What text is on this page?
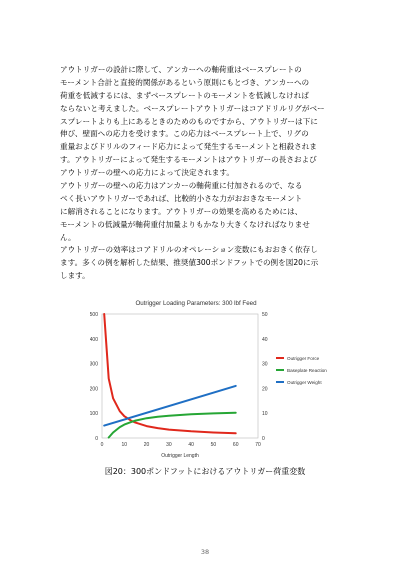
アウトリガーの設計に際して、アンカーへの軸荷重はベースプレートの
モーメント合計と直接的関係があるという原則にもとづき、アンカーへの
荷重を低減するには、まずベースプレートのモーメントを低減しなければ
ならないと考えました。ベースプレートアウトリガーはコアドリルリグがベー
スプレートよりも上にあるときのためのものですから、アウトリガーは下に
伸び、壁面への応力を受けます。この応力はベースプレート上で、リグの
重量およびドリルのフィード応力によって発生するモーメントと相殺されま
す。アウトリガーによって発生するモーメントはアウトリガーの長さおよび
アウトリガーの壁への応力によって決定されます。
アウトリガーの壁への応力はアンカーの軸荷重に付加されるので、なる
べく長いアウトリガーであれば、比較的小さな力がおおきなモーメント
に解消されることになります。アウトリガーの効果を高めるためには、
モーメントの低減量が軸荷重付加量よりもかなり大きくなければなりませ
ん。
アウトリガーの効率はコアドリルのオペレーション変数にもおおきく依存し
ます。多くの例を解析した結果、推奨値300ポンドフットでの例を図20に示
します。
Outrigger Loading Parameters: 300 lbf Feed
0
100
200
300
400
500
0
10
20
30
40
50
0	10	20	30	40	50	60	70
Outrigger Length
Outrigger Force
Baseplate Reaction
Outrigger Weight
図20：300ポンドフットにおけるアウトリガー荷重変数
38
